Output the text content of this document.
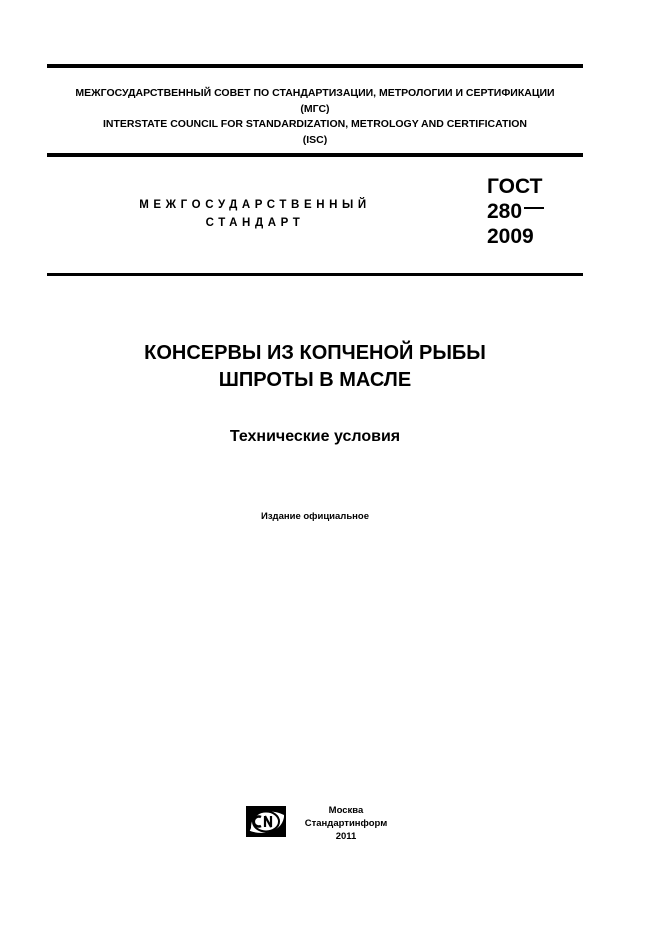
МЕЖГОСУДАРСТВЕННЫЙ СОВЕТ ПО СТАНДАРТИЗАЦИИ, МЕТРОЛОГИИ И СЕРТИФИКАЦИИ
(МГС)
INTERSTATE COUNCIL FOR STANDARDIZATION, METROLOGY AND CERTIFICATION
(ISC)
МЕЖГОСУДАРСТВЕННЫЙ
СТАНДАРТ
ГОСТ
280
2009
КОНСЕРВЫ ИЗ КОПЧЕНОЙ РЫБЫ
ШПРОТЫ В МАСЛЕ
Технические условия
Издание официальное
Москва
Стандартинформ
2011
